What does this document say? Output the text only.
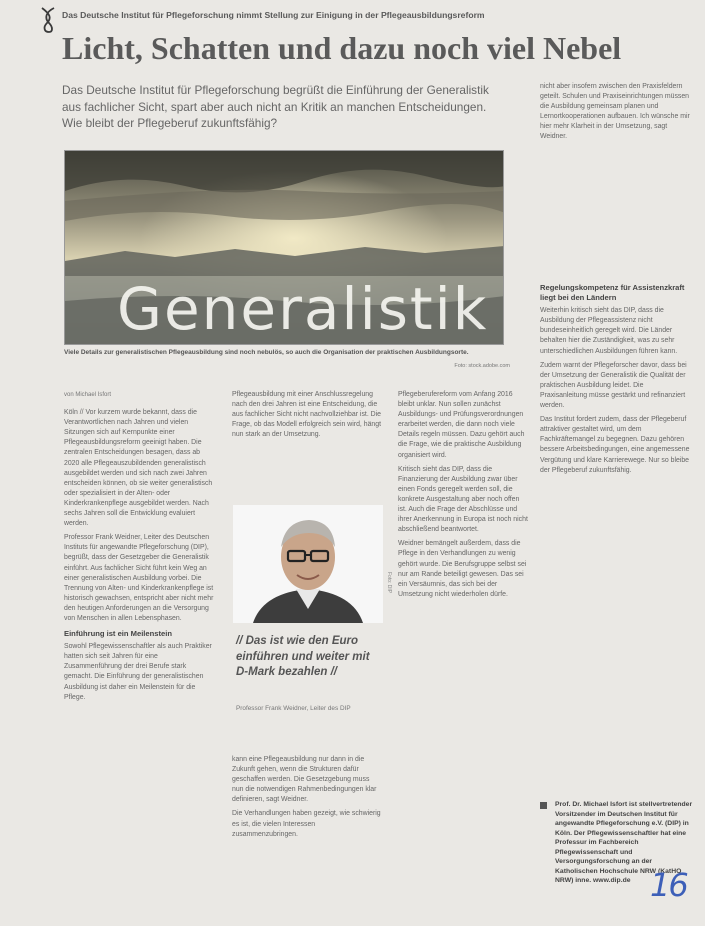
Das Deutsche Institut für Pflegeforschung nimmt Stellung zur Einigung in der Pflegeausbildungsreform
Licht, Schatten und dazu noch viel Nebel

Das Deutsche Institut für Pflegeforschung begrüßt die Einführung der Generalistik aus fachlicher Sicht, spart aber auch nicht an Kritik an manchen Entscheidungen. Wie bleibt der Pflegeberuf zukunftsfähig?

Generalistik
Viele Details zur generalistischen Pflegeausbildung sind noch nebulös, so auch die Organisation der praktischen Ausbildungsorte.
Foto: stock.adobe.com
von Michael Isfort

Köln // Vor kurzem wurde bekannt, dass die Verantwortlichen nach Jahren und vielen Sitzungen sich auf Kernpunkte einer Pflegeausbildungsreform geeinigt haben. Die zentralen Entscheidungen besagen, dass ab 2020 alle Pflegeauszubildenden generalistisch ausgebildet werden und sich nach zwei Jahren entscheiden können, ob sie weiter generalistisch oder spezialisiert in der Alten- oder Kinderkrankenpflege ausgebildet werden. Nach sechs Jahren soll die Entwicklung evaluiert werden.

Professor Frank Weidner, Leiter des Deutschen Instituts für angewandte Pflegeforschung (DIP), begrüßt, dass der Gesetzgeber die Generalistik einführt. Aus fachlicher Sicht führt kein Weg an einer generalistischen Ausbildung vorbei. Die Trennung von Alten- und Kinderkrankenpflege ist historisch gewachsen, entspricht aber nicht mehr den heutigen Anforderungen an die Versorgung von Menschen in allen Lebensphasen.

Einführung ist ein Meilenstein

Sowohl Pflegewissenschaftler als auch Praktiker hatten sich seit Jahren für eine Zusammenführung der drei Berufe stark gemacht. Die Einführung der generalistischen Ausbildung ist daher ein Meilenstein für die Pflege.

Pflegeausbildung mit einer Anschlussregelung nach den drei Jahren ist eine Entscheidung, die aus fachlicher Sicht nicht nachvollziehbar ist. Die Frage, ob das Modell erfolgreich sein wird, hängt nun stark an der Umsetzung.

Foto: DIP
// Das ist wie den Euro einführen und weiter mit D-Mark bezahlen //
Professor Frank Weidner, Leiter des DIP

kann eine Pflegeausbildung nur dann in die Zukunft gehen, wenn die Strukturen dafür geschaffen werden. Die Gesetzgebung muss nun die notwendigen Rahmenbedingungen klar definieren, sagt Weidner.

Die Verhandlungen haben gezeigt, wie schwierig es ist, die vielen Interessen zusammenzubringen.

Pflegeberufereform vom Anfang 2016 bleibt unklar. Nun sollen zunächst Ausbildungs- und Prüfungsverordnungen erarbeitet werden, die dann noch viele Details regeln müssen. Dazu gehört auch die Frage, wie die praktische Ausbildung organisiert wird.

Kritisch sieht das DIP, dass die Finanzierung der Ausbildung zwar über einen Fonds geregelt werden soll, die konkrete Ausgestaltung aber noch offen ist. Auch die Frage der Abschlüsse und ihrer Anerkennung in Europa ist noch nicht abschließend beantwortet.

Weidner bemängelt außerdem, dass die Pflege in den Verhandlungen zu wenig gehört wurde. Die Berufsgruppe selbst sei nur am Rande beteiligt gewesen. Das sei ein Versäumnis, das sich bei der Umsetzung nicht wiederholen dürfe.

nicht aber insofern zwischen den Praxisfeldern geteilt. Schulen und Praxiseinrichtungen müssen die Ausbildung gemeinsam planen und Lernortkooperationen aufbauen. Ich wünsche mir hier mehr Klarheit in der Umsetzung, sagt Weidner.

Regelungskompetenz für Assistenzkraft liegt bei den Ländern

Weiterhin kritisch sieht das DIP, dass die Ausbildung der Pflegeassistenz nicht bundeseinheitlich geregelt wird. Die Länder behalten hier die Zuständigkeit, was zu sehr unterschiedlichen Ausbildungen führen kann.

Zudem warnt der Pflegeforscher davor, dass bei der Umsetzung der Generalistik die Qualität der praktischen Ausbildung leidet. Die Praxisanleitung müsse gestärkt und refinanziert werden.

Das Institut fordert zudem, dass der Pflegeberuf attraktiver gestaltet wird, um dem Fachkräftemangel zu begegnen. Dazu gehören bessere Arbeitsbedingungen, eine angemessene Vergütung und klare Karrierewege. Nur so bleibe der Pflegeberuf zukunftsfähig.

Prof. Dr. Michael Isfort ist stellvertretender Vorsitzender im Deutschen Institut für angewandte Pflegeforschung e.V. (DIP) in Köln. Der Pflegewissenschaftler hat eine Professur im Fachbereich Pflegewissenschaft und Versorgungsforschung an der Katholischen Hochschule NRW (KatHO NRW) inne. www.dip.de 16
